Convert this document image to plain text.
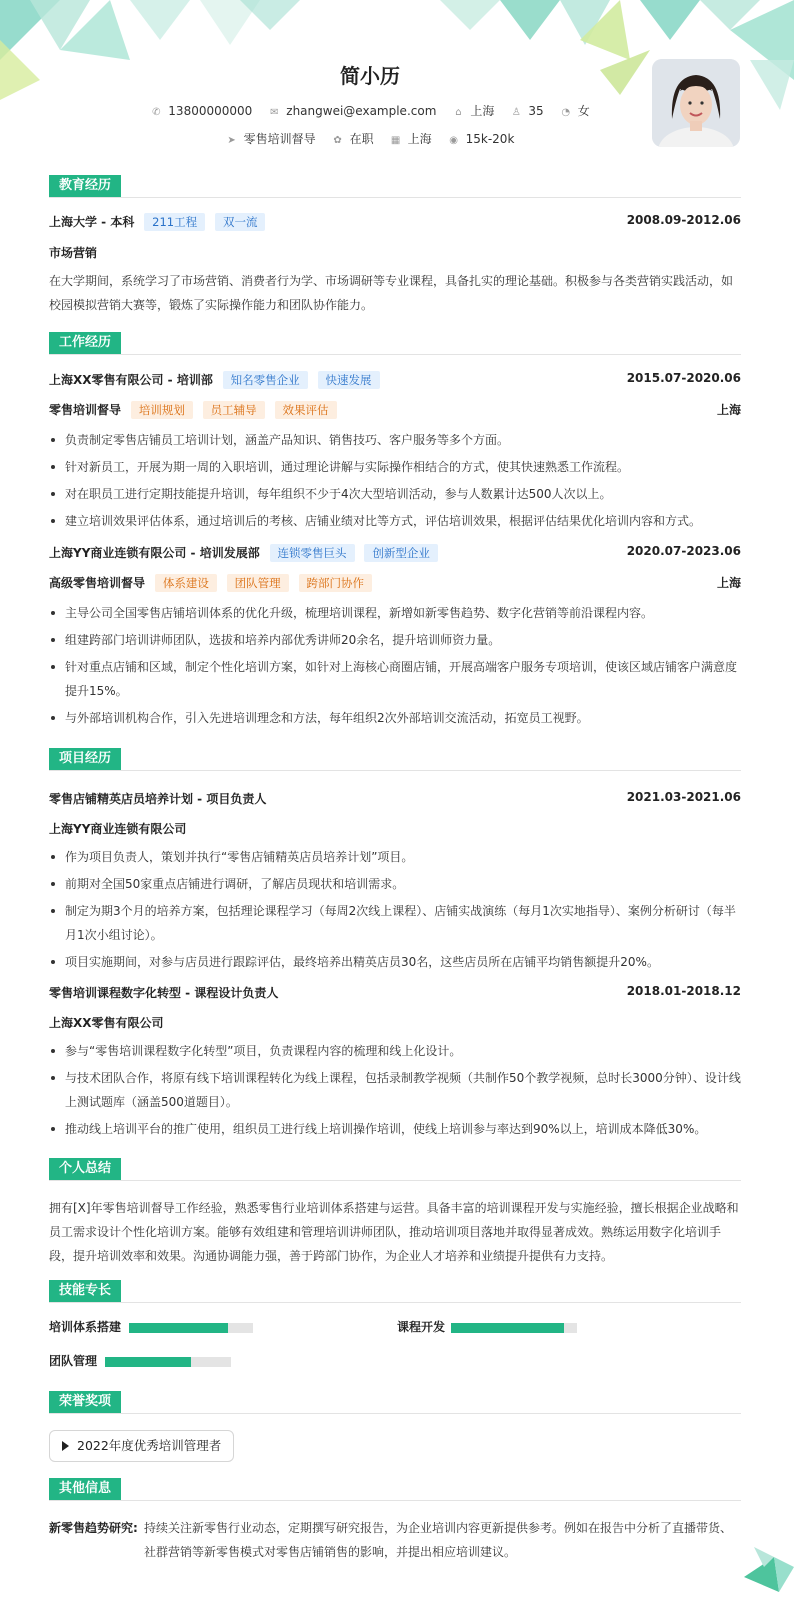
简小历
✆ 13800000000 ✉ zhangwei@example.com ⌂ 上海 ♙ 35 ◔ 女
➤ 零售培训督导 ✿ 在职 ▦ 上海 ◉ 15k-20k
教育经历
上海大学 - 本科 211工程 双一流	2008.09-2012.06
市场营销
在大学期间，系统学习了市场营销、消费者行为学、市场调研等专业课程，具备扎实的理论基础。积极参与各类营销实践活动，如校园模拟营销大赛等，锻炼了实际操作能力和团队协作能力。
工作经历
上海XX零售有限公司 - 培训部 知名零售企业 快速发展	2015.07-2020.06
零售培训督导 培训规划 员工辅导 效果评估	上海
负责制定零售店铺员工培训计划，涵盖产品知识、销售技巧、客户服务等多个方面。
针对新员工，开展为期一周的入职培训，通过理论讲解与实际操作相结合的方式，使其快速熟悉工作流程。
对在职员工进行定期技能提升培训，每年组织不少于4次大型培训活动，参与人数累计达500人次以上。
建立培训效果评估体系，通过培训后的考核、店铺业绩对比等方式，评估培训效果，根据评估结果优化培训内容和方式。
上海YY商业连锁有限公司 - 培训发展部 连锁零售巨头 创新型企业	2020.07-2023.06
高级零售培训督导 体系建设 团队管理 跨部门协作	上海
主导公司全国零售店铺培训体系的优化升级，梳理培训课程，新增如新零售趋势、数字化营销等前沿课程内容。
组建跨部门培训讲师团队，选拔和培养内部优秀讲师20余名，提升培训师资力量。
针对重点店铺和区域，制定个性化培训方案，如针对上海核心商圈店铺，开展高端客户服务专项培训，使该区域店铺客户满意度提升15%。
与外部培训机构合作，引入先进培训理念和方法，每年组织2次外部培训交流活动，拓宽员工视野。
项目经历
零售店铺精英店员培养计划 - 项目负责人	2021.03-2021.06
上海YY商业连锁有限公司
作为项目负责人，策划并执行“零售店铺精英店员培养计划”项目。
前期对全国50家重点店铺进行调研，了解店员现状和培训需求。
制定为期3个月的培养方案，包括理论课程学习（每周2次线上课程）、店铺实战演练（每月1次实地指导）、案例分析研讨（每半月1次小组讨论）。
项目实施期间，对参与店员进行跟踪评估，最终培养出精英店员30名，这些店员所在店铺平均销售额提升20%。
零售培训课程数字化转型 - 课程设计负责人	2018.01-2018.12
上海XX零售有限公司
参与“零售培训课程数字化转型”项目，负责课程内容的梳理和线上化设计。
与技术团队合作，将原有线下培训课程转化为线上课程，包括录制教学视频（共制作50个教学视频，总时长3000分钟）、设计线上测试题库（涵盖500道题目）。
推动线上培训平台的推广使用，组织员工进行线上培训操作培训，使线上培训参与率达到90%以上，培训成本降低30%。
个人总结
拥有[X]年零售培训督导工作经验，熟悉零售行业培训体系搭建与运营。具备丰富的培训课程开发与实施经验，擅长根据企业战略和员工需求设计个性化培训方案。能够有效组建和管理培训讲师团队，推动培训项目落地并取得显著成效。熟练运用数字化培训手段，提升培训效率和效果。沟通协调能力强，善于跨部门协作，为企业人才培养和业绩提升提供有力支持。
技能专长
培训体系搭建	课程开发
团队管理
荣誉奖项
2022年度优秀培训管理者
其他信息
新零售趋势研究: 持续关注新零售行业动态，定期撰写研究报告，为企业培训内容更新提供参考。例如在报告中分析了直播带货、社群营销等新零售模式对零售店铺销售的影响，并提出相应培训建议。
